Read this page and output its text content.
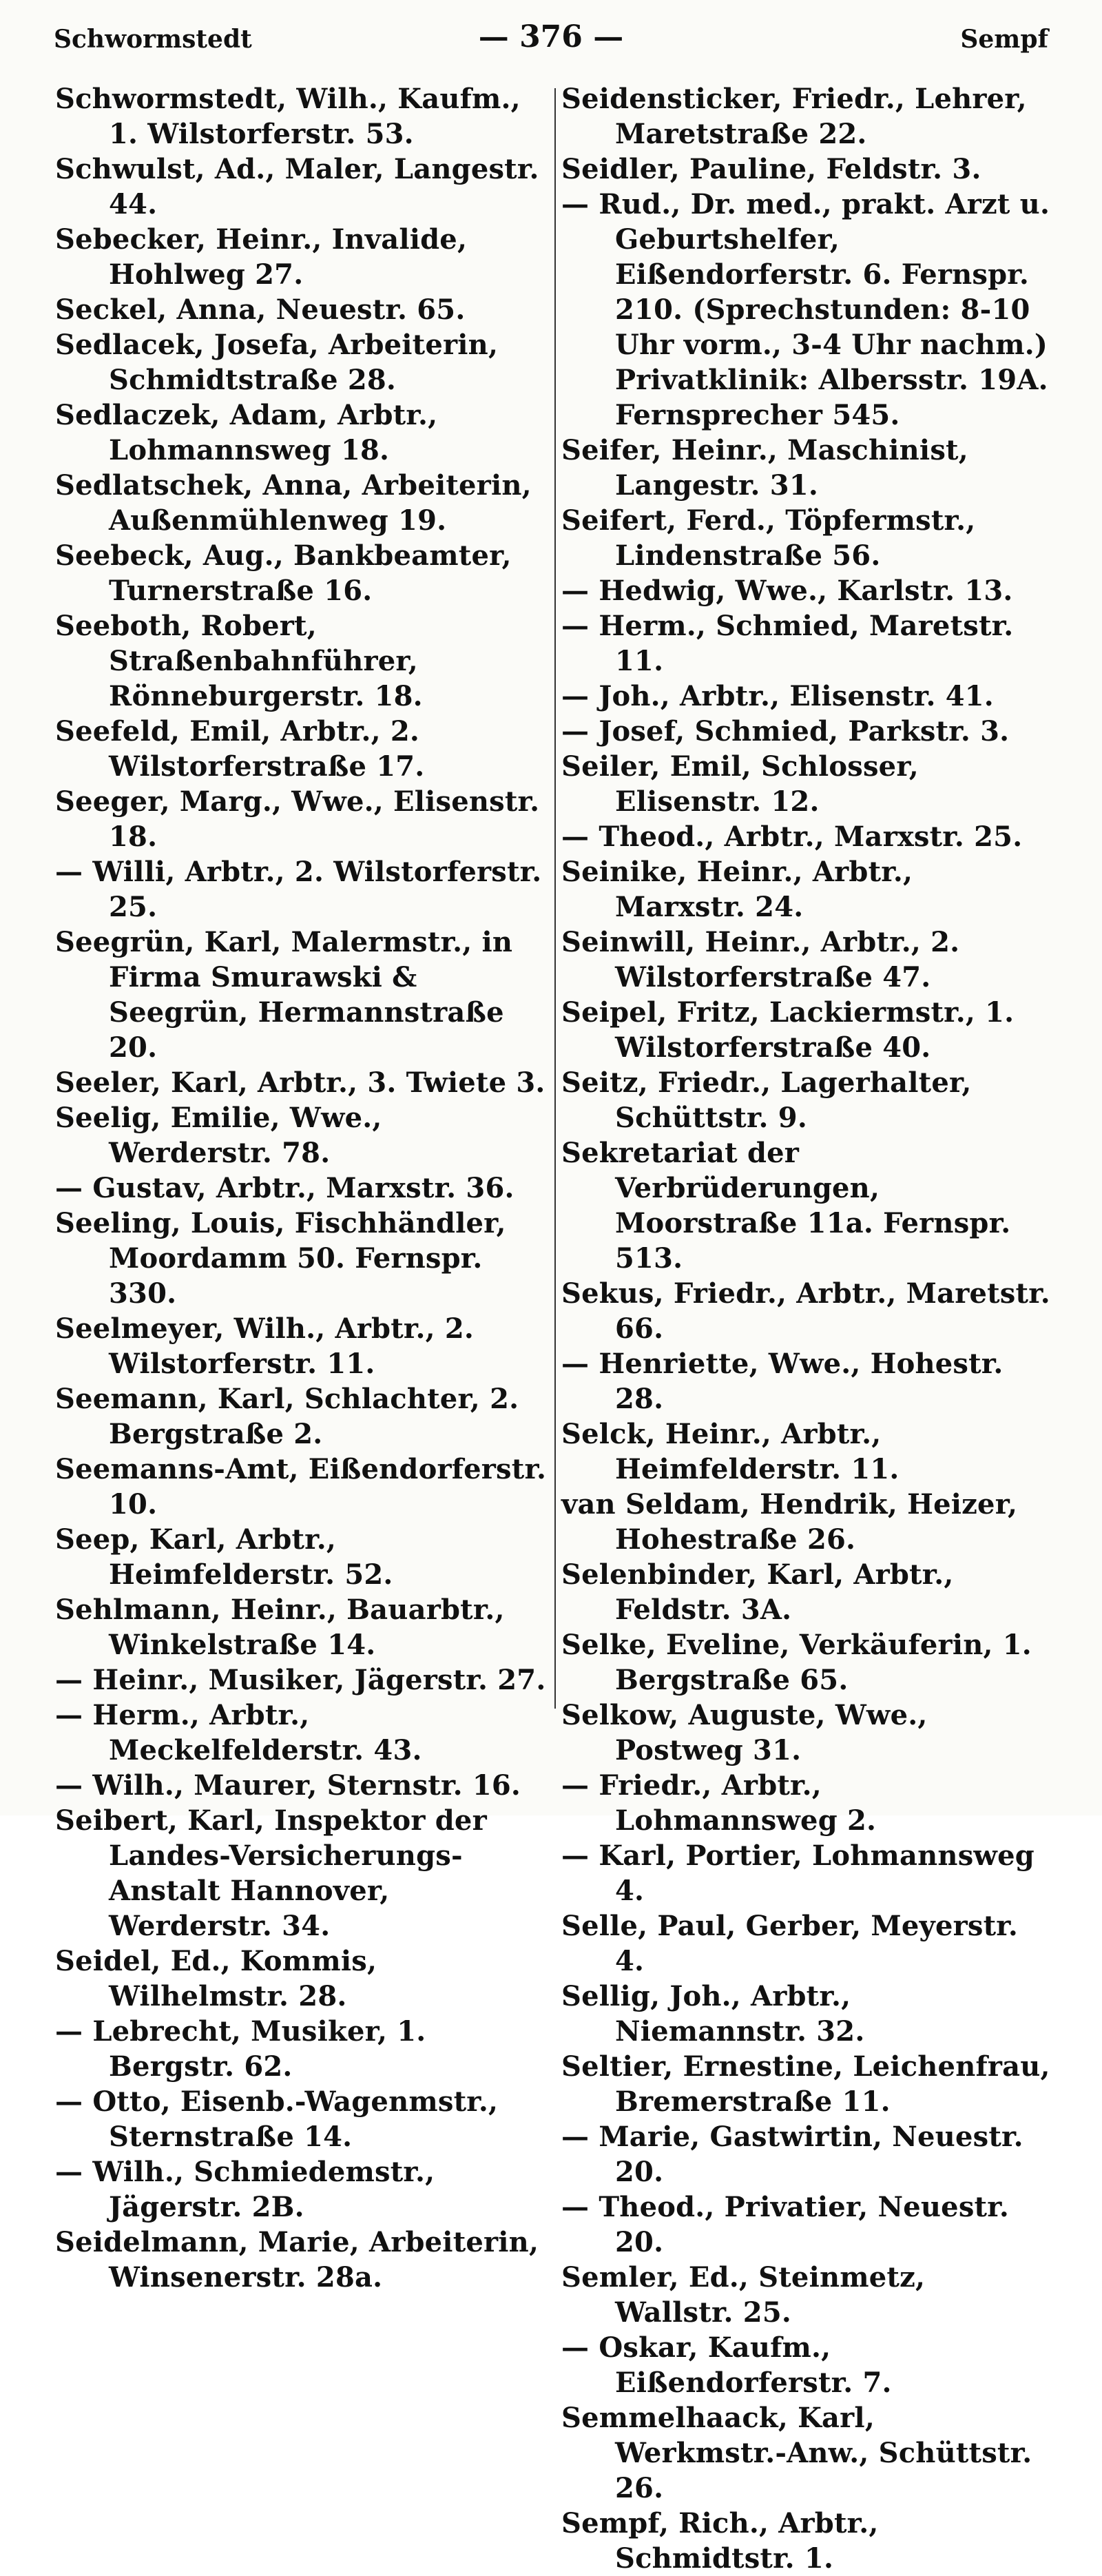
Schwormstedt	— 376 —	Sempf
Schwormstedt, Wilh., Kaufm., 1. Wilstorferstr. 53.
Schwulst, Ad., Maler, Langestr. 44.
Sebecker, Heinr., Invalide, Hohlweg 27.
Seckel, Anna, Neuestr. 65.
Sedlacek, Josefa, Arbeiterin, Schmidtstraße 28.
Sedlaczek, Adam, Arbtr., Lohmannsweg 18.
Sedlatschek, Anna, Arbeiterin, Außenmühlenweg 19.
Seebeck, Aug., Bankbeamter, Turnerstraße 16.
Seeboth, Robert, Straßenbahnführer, Rönneburgerstr. 18.
Seefeld, Emil, Arbtr., 2. Wilstorferstraße 17.
Seeger, Marg., Wwe., Elisenstr. 18.
— Willi, Arbtr., 2. Wilstorferstr. 25.
Seegrün, Karl, Malermstr., in Firma Smurawski & Seegrün, Hermannstraße 20.
Seeler, Karl, Arbtr., 3. Twiete 3.
Seelig, Emilie, Wwe., Werderstr. 78.
— Gustav, Arbtr., Marxstr. 36.
Seeling, Louis, Fischhändler, Moordamm 50. Fernspr. 330.
Seelmeyer, Wilh., Arbtr., 2. Wilstorferstr. 11.
Seemann, Karl, Schlachter, 2. Bergstraße 2.
Seemanns-Amt, Eißendorferstr. 10.
Seep, Karl, Arbtr., Heimfelderstr. 52.
Sehlmann, Heinr., Bauarbtr., Winkelstraße 14.
— Heinr., Musiker, Jägerstr. 27.
— Herm., Arbtr., Meckelfelderstr. 43.
— Wilh., Maurer, Sternstr. 16.
Seibert, Karl, Inspektor der Landes-Versicherungs-Anstalt Hannover, Werderstr. 34.
Seidel, Ed., Kommis, Wilhelmstr. 28.
— Lebrecht, Musiker, 1. Bergstr. 62.
— Otto, Eisenb.-Wagenmstr., Sternstraße 14.
— Wilh., Schmiedemstr., Jägerstr. 2B.
Seidelmann, Marie, Arbeiterin, Winsenerstr. 28a.
Seidensticker, Friedr., Lehrer, Maretstraße 22.
Seidler, Pauline, Feldstr. 3.
— Rud., Dr. med., prakt. Arzt u. Geburtshelfer, Eißendorferstr. 6. Fernspr. 210. (Sprechstunden: 8-10 Uhr vorm., 3-4 Uhr nachm.) Privatklinik: Albersstr. 19A. Fernsprecher 545.
Seifer, Heinr., Maschinist, Langestr. 31.
Seifert, Ferd., Töpfermstr., Lindenstraße 56.
— Hedwig, Wwe., Karlstr. 13.
— Herm., Schmied, Maretstr. 11.
— Joh., Arbtr., Elisenstr. 41.
— Josef, Schmied, Parkstr. 3.
Seiler, Emil, Schlosser, Elisenstr. 12.
— Theod., Arbtr., Marxstr. 25.
Seinike, Heinr., Arbtr., Marxstr. 24.
Seinwill, Heinr., Arbtr., 2. Wilstorferstraße 47.
Seipel, Fritz, Lackiermstr., 1. Wilstorferstraße 40.
Seitz, Friedr., Lagerhalter, Schüttstr. 9.
Sekretariat der Verbrüderungen, Moorstraße 11a. Fernspr. 513.
Sekus, Friedr., Arbtr., Maretstr. 66.
— Henriette, Wwe., Hohestr. 28.
Selck, Heinr., Arbtr., Heimfelderstr. 11.
van Seldam, Hendrik, Heizer, Hohestraße 26.
Selenbinder, Karl, Arbtr., Feldstr. 3A.
Selke, Eveline, Verkäuferin, 1. Bergstraße 65.
Selkow, Auguste, Wwe., Postweg 31.
— Friedr., Arbtr., Lohmannsweg 2.
— Karl, Portier, Lohmannsweg 4.
Selle, Paul, Gerber, Meyerstr. 4.
Sellig, Joh., Arbtr., Niemannstr. 32.
Seltier, Ernestine, Leichenfrau, Bremerstraße 11.
— Marie, Gastwirtin, Neuestr. 20.
— Theod., Privatier, Neuestr. 20.
Semler, Ed., Steinmetz, Wallstr. 25.
— Oskar, Kaufm., Eißendorferstr. 7.
Semmelhaack, Karl, Werkmstr.-Anw., Schüttstr. 26.
Sempf, Rich., Arbtr., Schmidtstr. 1.
